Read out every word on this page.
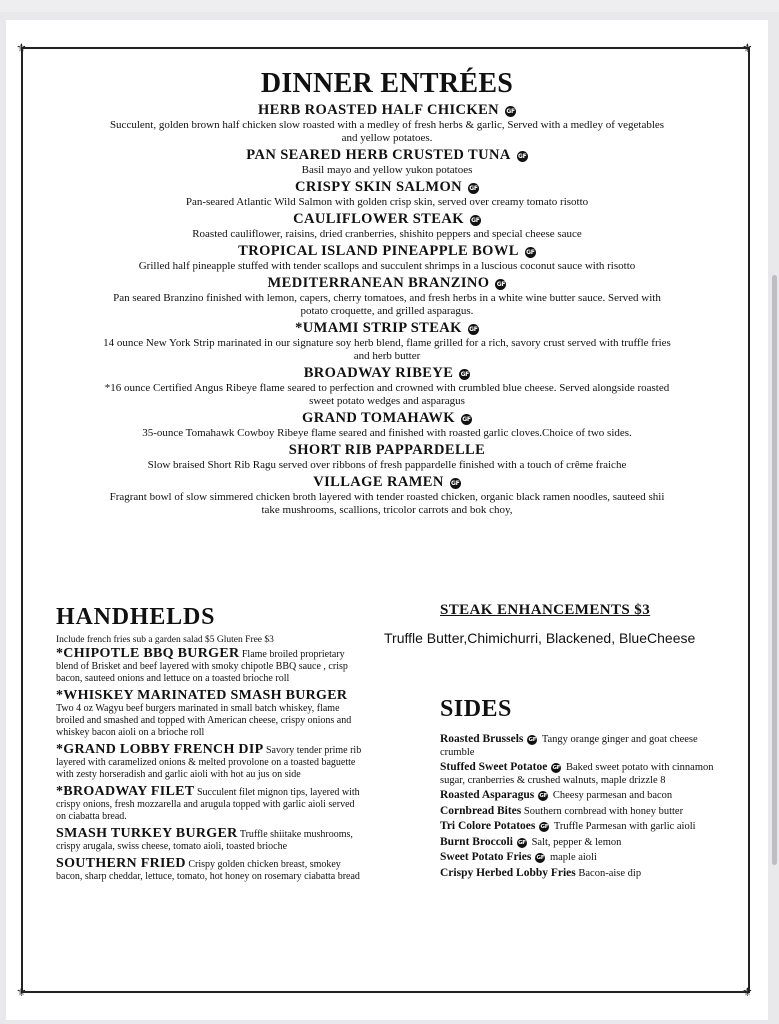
⚜	⚜
⚜	⚜
DINNER ENTRÉES
HERB ROASTED HALF CHICKEN GF
Succulent, golden brown half chicken slow roasted with a medley of fresh herbs & garlic, Served with a medley of vegetables and yellow potatoes.
PAN SEARED HERB CRUSTED TUNA GF
Basil mayo and yellow yukon potatoes
CRISPY SKIN SALMON GF
Pan-seared Atlantic Wild Salmon with golden crisp skin, served over creamy tomato risotto
CAULIFLOWER STEAK GF
Roasted cauliflower, raisins, dried cranberries, shishito peppers and special cheese sauce
TROPICAL ISLAND PINEAPPLE BOWL GF
Grilled half pineapple stuffed with tender scallops and succulent shrimps in a luscious coconut sauce with risotto
MEDITERRANEAN BRANZINO GF
Pan seared Branzino finished with lemon, capers, cherry tomatoes, and fresh herbs in a white wine butter sauce. Served with potato croquette, and grilled asparagus.
*UMAMI STRIP STEAK GF
14 ounce New York Strip marinated in our signature soy herb blend, flame grilled for a rich, savory crust served with truffle fries and herb butter
BROADWAY RIBEYE GF
*16 ounce Certified Angus Ribeye flame seared to perfection and crowned with crumbled blue cheese. Served alongside roasted sweet potato wedges and asparagus
GRAND TOMAHAWK GF
35-ounce Tomahawk Cowboy Ribeye flame seared and finished with roasted garlic cloves.Choice of two sides.
SHORT RIB PAPPARDELLE
Slow braised Short Rib Ragu served over ribbons of fresh pappardelle finished with a touch of crême fraiche
VILLAGE RAMEN GF
Fragrant bowl of slow simmered chicken broth layered with tender roasted chicken, organic black ramen noodles, sauteed shii take mushrooms, scallions, tricolor carrots and bok choy,
HANDHELDS
Include french fries sub a garden salad $5 Gluten Free $3
*CHIPOTLE BBQ BURGER Flame broiled proprietary blend of Brisket and beef layered with smoky chipotle BBQ sauce , crisp bacon, sauteed onions and lettuce on a toasted brioche roll
*WHISKEY MARINATED SMASH BURGER Two 4 oz Wagyu beef burgers marinated in small batch whiskey, flame broiled and smashed and topped with American cheese, crispy onions and whiskey bacon aioli on a brioche roll
*GRAND LOBBY FRENCH DIP Savory tender prime rib layered with caramelized onions & melted provolone on a toasted baguette with zesty horseradish and garlic aioli with hot au jus on side
*BROADWAY FILET Succulent filet mignon tips, layered with crispy onions, fresh mozzarella and arugula topped with garlic aioli served on ciabatta bread.
SMASH TURKEY BURGER Truffle shiitake mushrooms, crispy arugala, swiss cheese, tomato aioli, toasted brioche
SOUTHERN FRIED Crispy golden chicken breast, smokey bacon, sharp cheddar, lettuce, tomato, hot honey on rosemary ciabatta bread
STEAK ENHANCEMENTS $3
Truffle Butter,Chimichurri, Blackened, BlueCheese
SIDES
Roasted Brussels GF Tangy orange ginger and goat cheese crumble
Stuffed Sweet Potatoe GF Baked sweet potato with cinnamon sugar, cranberries & crushed walnuts, maple drizzle 8
Roasted Asparagus GF Cheesy parmesan and bacon
Cornbread Bites Southern cornbread with honey butter
Tri Colore Potatoes GF Truffle Parmesan with garlic aioli
Burnt Broccoli GF Salt, pepper & lemon
Sweet Potato Fries GF maple aioli
Crispy Herbed Lobby Fries Bacon-aise dip
